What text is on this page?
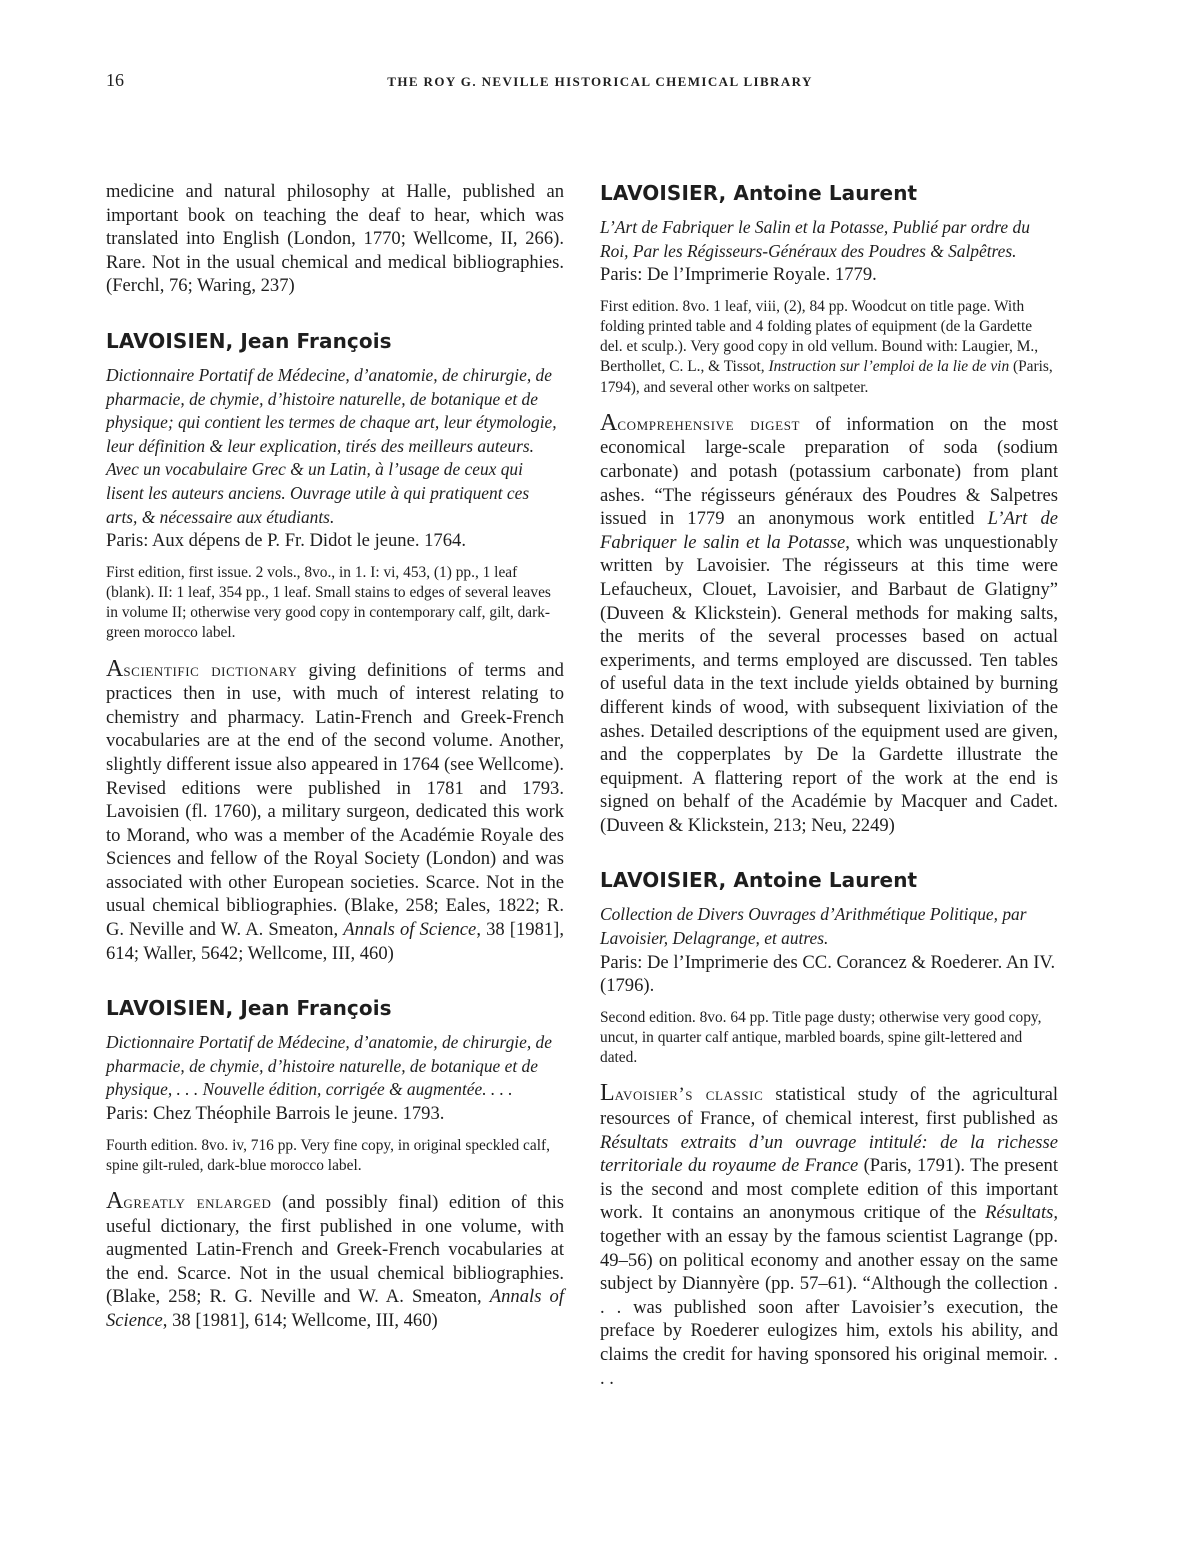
16	THE ROY G. NEVILLE HISTORICAL CHEMICAL LIBRARY

medicine and natural philosophy at Halle, published an important book on teaching the deaf to hear, which was translated into English (London, 1770; Wellcome, II, 266). Rare. Not in the usual chemical and medical bibliographies. (Ferchl, 76; Waring, 237)

LAVOISIEN, Jean François

Dictionnaire Portatif de Médecine, d’anatomie, de chirurgie, de pharmacie, de chymie, d’histoire naturelle, de botanique et de physique; qui contient les termes de chaque art, leur étymologie, leur définition & leur explication, tirés des meilleurs auteurs. Avec un vocabulaire Grec & un Latin, à l’usage de ceux qui lisent les auteurs anciens. Ouvrage utile à qui pratiquent ces arts, & nécessaire aux étudiants.

Paris: Aux dépens de P. Fr. Didot le jeune. 1764.

First edition, first issue. 2 vols., 8vo., in 1. I: vi, 453, (1) pp., 1 leaf (blank). II: 1 leaf, 354 pp., 1 leaf. Small stains to edges of several leaves in volume II; otherwise very good copy in contemporary calf, gilt, dark-green morocco label.

Ascientific dictionary giving definitions of terms and practices then in use, with much of interest relating to chemistry and pharmacy. Latin-French and Greek-French vocabularies are at the end of the second volume. Another, slightly different issue also appeared in 1764 (see Wellcome). Revised editions were published in 1781 and 1793. Lavoisien (fl. 1760), a military surgeon, dedicated this work to Morand, who was a member of the Académie Royale des Sciences and fellow of the Royal Society (London) and was associated with other European societies. Scarce. Not in the usual chemical bibliographies. (Blake, 258; Eales, 1822; R. G. Neville and W. A. Smeaton, Annals of Science, 38 [1981], 614; Waller, 5642; Wellcome, III, 460)

LAVOISIEN, Jean François

Dictionnaire Portatif de Médecine, d’anatomie, de chirurgie, de pharmacie, de chymie, d’histoire naturelle, de botanique et de physique, . . . Nouvelle édition, corrigée & augmentée. . . .

Paris: Chez Théophile Barrois le jeune. 1793.

Fourth edition. 8vo. iv, 716 pp. Very fine copy, in original speckled calf, spine gilt-ruled, dark-blue morocco label.

Agreatly enlarged (and possibly final) edition of this useful dictionary, the first published in one volume, with augmented Latin-French and Greek-French vocabularies at the end. Scarce. Not in the usual chemical bibliographies. (Blake, 258; R. G. Neville and W. A. Smeaton, Annals of Science, 38 [1981], 614; Wellcome, III, 460)

LAVOISIER, Antoine Laurent

L’Art de Fabriquer le Salin et la Potasse, Publié par ordre du Roi, Par les Régisseurs-Généraux des Poudres & Salpêtres.

Paris: De l’Imprimerie Royale. 1779.

First edition. 8vo. 1 leaf, viii, (2), 84 pp. Woodcut on title page. With folding printed table and 4 folding plates of equipment (de la Gardette del. et sculp.). Very good copy in old vellum. Bound with: Laugier, M., Berthollet, C. L., & Tissot, Instruction sur l’emploi de la lie de vin (Paris, 1794), and several other works on saltpeter.

Acomprehensive digest of information on the most economical large-scale preparation of soda (sodium carbonate) and potash (potassium carbonate) from plant ashes. “The régisseurs généraux des Poudres & Salpetres issued in 1779 an anonymous work entitled L’Art de Fabriquer le salin et la Potasse, which was unquestionably written by Lavoisier. The régisseurs at this time were Lefaucheux, Clouet, Lavoisier, and Barbaut de Glatigny” (Duveen & Klickstein). General methods for making salts, the merits of the several processes based on actual experiments, and terms employed are discussed. Ten tables of useful data in the text include yields obtained by burning different kinds of wood, with subsequent lixiviation of the ashes. Detailed descriptions of the equipment used are given, and the copperplates by De la Gardette illustrate the equipment. A flattering report of the work at the end is signed on behalf of the Académie by Macquer and Cadet. (Duveen & Klickstein, 213; Neu, 2249)

LAVOISIER, Antoine Laurent

Collection de Divers Ouvrages d’Arithmétique Politique, par Lavoisier, Delagrange, et autres.

Paris: De l’Imprimerie des CC. Corancez & Roederer. An IV. (1796).

Second edition. 8vo. 64 pp. Title page dusty; otherwise very good copy, uncut, in quarter calf antique, marbled boards, spine gilt-lettered and dated.

Lavoisier’s classic statistical study of the agricultural resources of France, of chemical interest, first published as Résultats extraits d’un ouvrage intitulé: de la richesse territoriale du royaume de France (Paris, 1791). The present is the second and most complete edition of this important work. It contains an anonymous critique of the Résultats, together with an essay by the famous scientist Lagrange (pp. 49–56) on political economy and another essay on the same subject by Diannyère (pp. 57–61). “Although the collection . . . was published soon after Lavoisier’s execution, the preface by Roederer eulogizes him, extols his ability, and claims the credit for having sponsored his original memoir. . . .
